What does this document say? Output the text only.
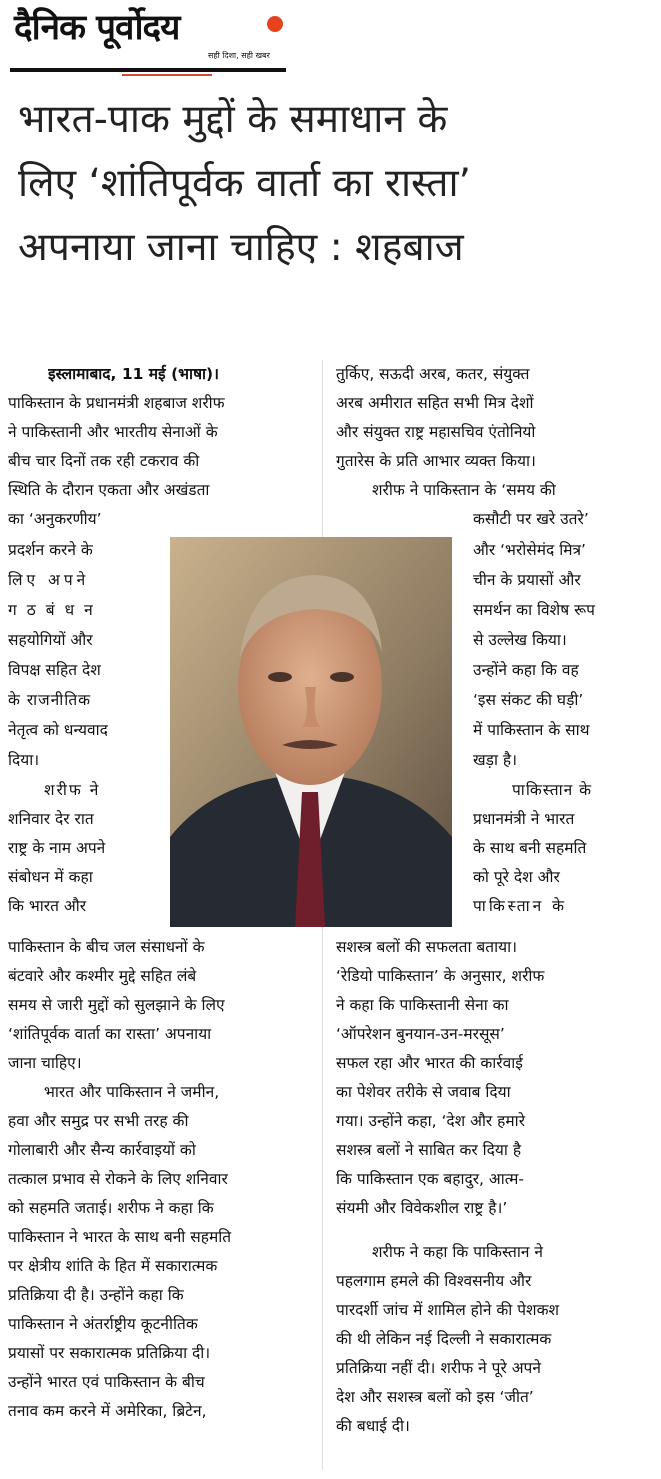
दैनिक पूर्वोदय
सही दिशा, सही खबर
भारत-पाक मुद्दों के समाधान के
लिए ‘शांतिपूर्वक वार्ता का रास्ता’
अपनाया जाना चाहिए : शहबाज
इस्लामाबाद, 11 मई (भाषा)।
पाकिस्तान के प्रधानमंत्री शहबाज शरीफ
ने पाकिस्तानी और भारतीय सेनाओं के
बीच चार दिनों तक रही टकराव की
स्थिति के दौरान एकता और अखंडता
का ‘अनुकरणीय’
प्रदर्शन करने के
लिए अपने
गठबंधन
सहयोगियों और
विपक्ष सहित देश
के राजनीतिक
नेतृत्व को धन्यवाद
दिया।
शरीफ ने
शनिवार देर रात
राष्ट्र के नाम अपने
संबोधन में कहा
कि भारत और
पाकिस्तान के बीच जल संसाधनों के
बंटवारे और कश्मीर मुद्दे सहित लंबे
समय से जारी मुद्दों को सुलझाने के लिए
‘शांतिपूर्वक वार्ता का रास्ता’ अपनाया
जाना चाहिए।
भारत और पाकिस्तान ने जमीन,
हवा और समुद्र पर सभी तरह की
गोलाबारी और सैन्य कार्रवाइयों को
तत्काल प्रभाव से रोकने के लिए शनिवार
को सहमति जताई। शरीफ ने कहा कि
पाकिस्तान ने भारत के साथ बनी सहमति
पर क्षेत्रीय शांति के हित में सकारात्मक
प्रतिक्रिया दी है। उन्होंने कहा कि
पाकिस्तान ने अंतर्राष्ट्रीय कूटनीतिक
प्रयासों पर सकारात्मक प्रतिक्रिया दी।
उन्होंने भारत एवं पाकिस्तान के बीच
तनाव कम करने में अमेरिका, ब्रिटेन,
तुर्किए, सऊदी अरब, कतर, संयुक्त
अरब अमीरात सहित सभी मित्र देशों
और संयुक्त राष्ट्र महासचिव एंतोनियो
गुतारेस के प्रति आभार व्यक्त किया।
शरीफ ने पाकिस्तान के ‘समय की
कसौटी पर खरे उतरे’
और ‘भरोसेमंद मित्र’
चीन के प्रयासों और
समर्थन का विशेष रूप
से उल्लेख किया।
उन्होंने कहा कि वह
‘इस संकट की घड़ी’
में पाकिस्तान के साथ
खड़ा है।
पाकिस्तान के
प्रधानमंत्री ने भारत
के साथ बनी सहमति
को पूरे देश और
पाकिस्तान के
सशस्त्र बलों की सफलता बताया।
‘रेडियो पाकिस्तान’ के अनुसार, शरीफ
ने कहा कि पाकिस्तानी सेना का
‘ऑपरेशन बुनयान-उन-मरसूस’
सफल रहा और भारत की कार्रवाई
का पेशेवर तरीके से जवाब दिया
गया। उन्होंने कहा, ‘देश और हमारे
सशस्त्र बलों ने साबित कर दिया है
कि पाकिस्तान एक बहादुर, आत्म-
संयमी और विवेकशील राष्ट्र है।’
शरीफ ने कहा कि पाकिस्तान ने
पहलगाम हमले की विश्वसनीय और
पारदर्शी जांच में शामिल होने की पेशकश
की थी लेकिन नई दिल्ली ने सकारात्मक
प्रतिक्रिया नहीं दी। शरीफ ने पूरे अपने
देश और सशस्त्र बलों को इस ‘जीत’
की बधाई दी।
